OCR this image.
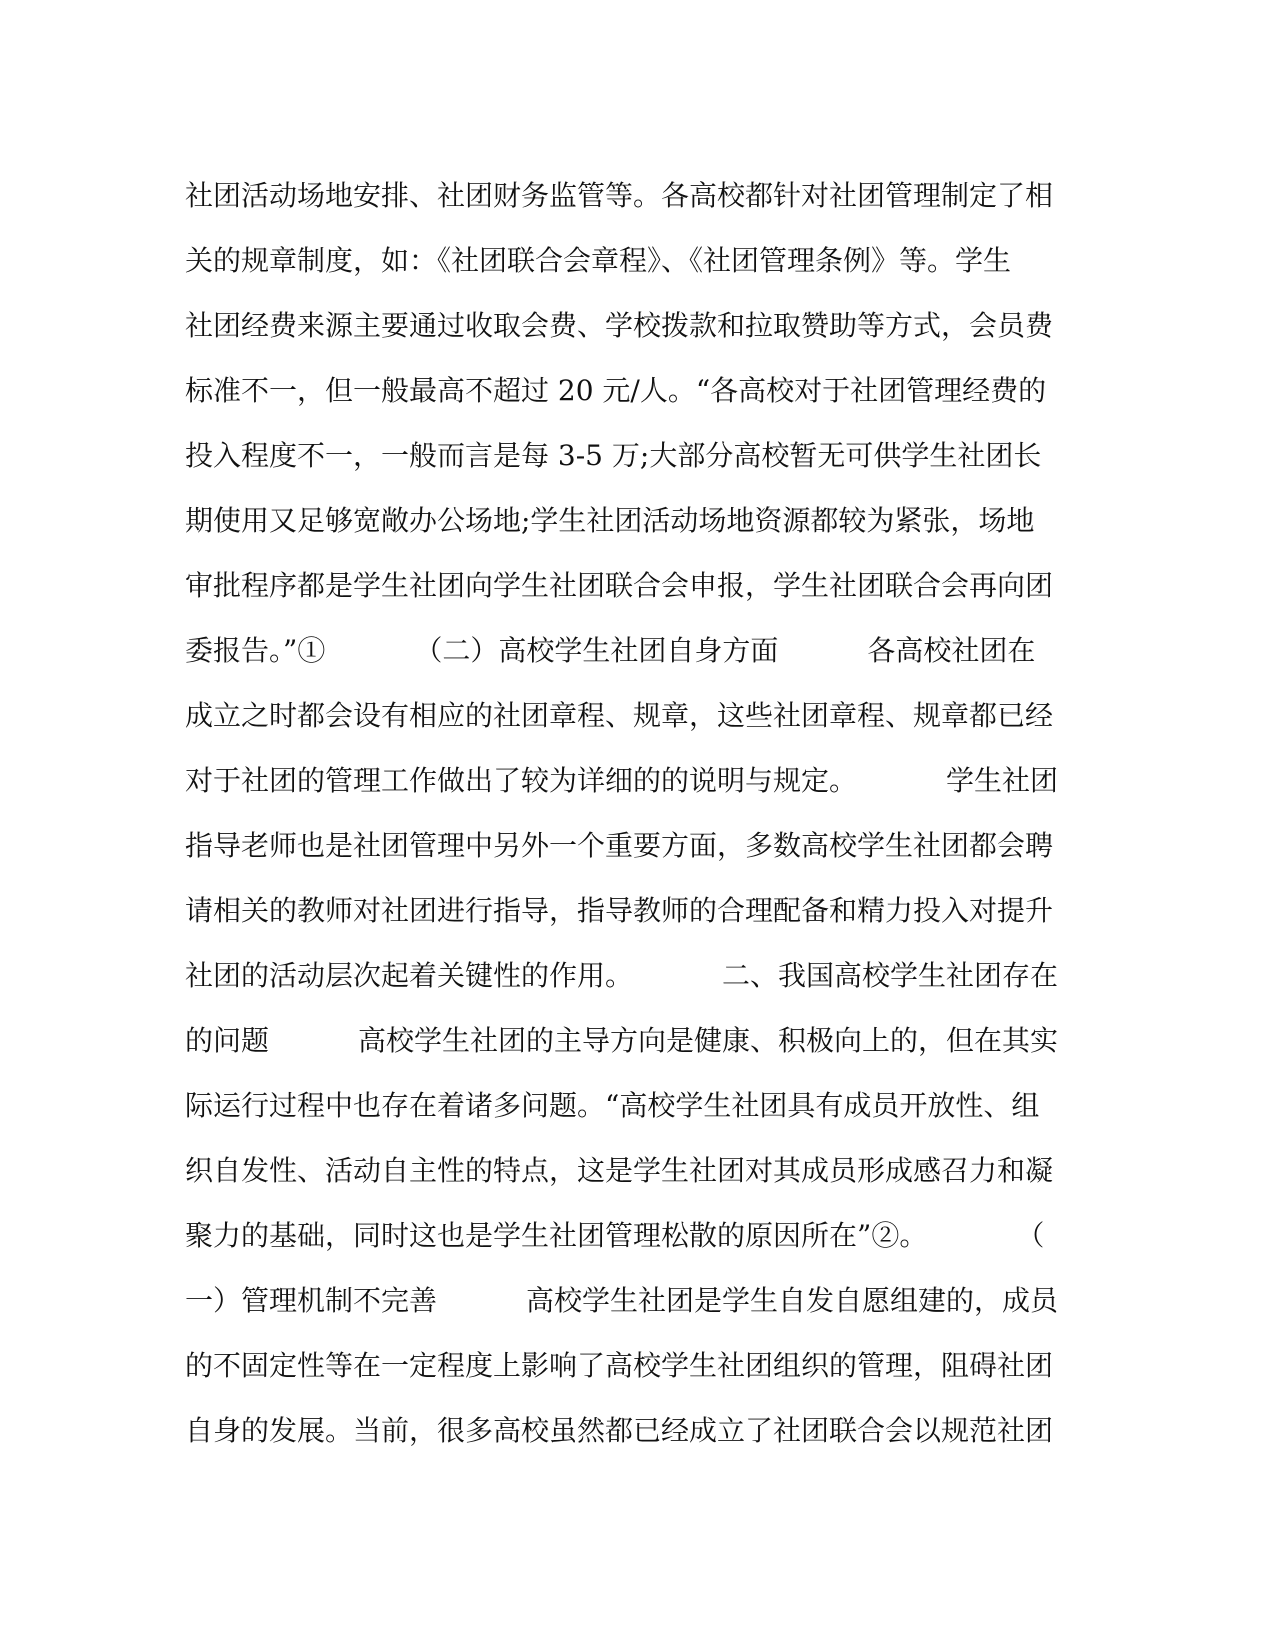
社团活动场地安排、社团财务监管等。各高校都针对社团管理制定了相
关的规章制度，如：《社团联合会章程》、《社团管理条例》等。学生
社团经费来源主要通过收取会费、学校拨款和拉取赞助等方式，会员费
标准不一，但一般最高不超过 20 元/人。“各高校对于社团管理经费的
投入程度不一，一般而言是每 3-5 万;大部分高校暂无可供学生社团长
期使用又足够宽敞办公场地;学生社团活动场地资源都较为紧张，场地
审批程序都是学生社团向学生社团联合会申报，学生社团联合会再向团
委报告。”①          （二）高校学生社团自身方面          各高校社团在
成立之时都会设有相应的社团章程、规章，这些社团章程、规章都已经
对于社团的管理工作做出了较为详细的的说明与规定。          学生社团
指导老师也是社团管理中另外一个重要方面，多数高校学生社团都会聘
请相关的教师对社团进行指导，指导教师的合理配备和精力投入对提升
社团的活动层次起着关键性的作用。          二、我国高校学生社团存在
的问题          高校学生社团的主导方向是健康、积极向上的，但在其实
际运行过程中也存在着诸多问题。“高校学生社团具有成员开放性、组
织自发性、活动自主性的特点，这是学生社团对其成员形成感召力和凝
聚力的基础，同时这也是学生社团管理松散的原因所在”②。          （
一）管理机制不完善          高校学生社团是学生自发自愿组建的，成员
的不固定性等在一定程度上影响了高校学生社团组织的管理，阻碍社团
自身的发展。当前，很多高校虽然都已经成立了社团联合会以规范社团
